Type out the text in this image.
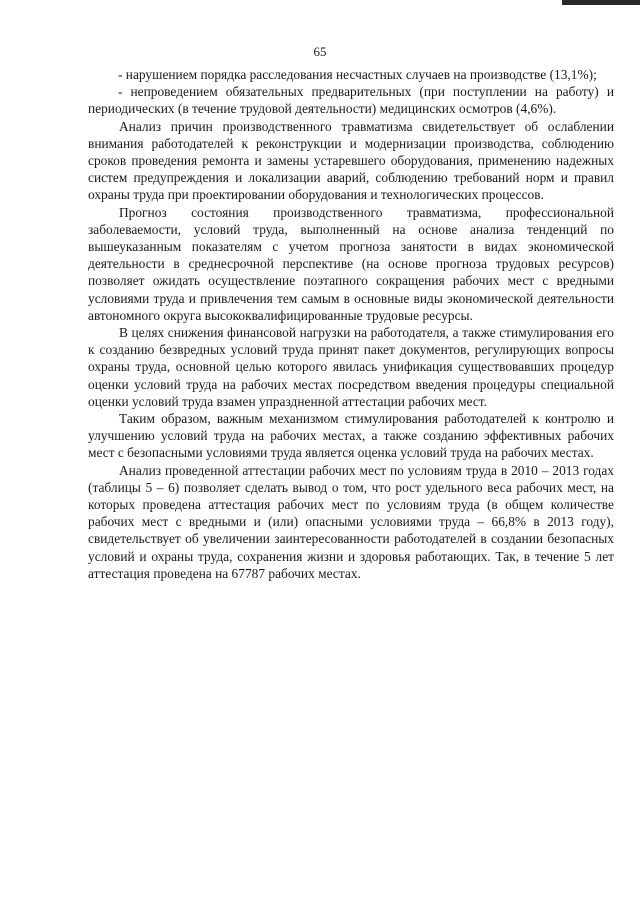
65

- нарушением порядка расследования несчастных случаев на производстве (13,1%);

- непроведением обязательных предварительных (при поступлении на работу) и периодических (в течение трудовой деятельности) медицинских осмотров (4,6%).

Анализ причин производственного травматизма свидетельствует об ослаблении внимания работодателей к реконструкции и модернизации производства, соблюдению сроков проведения ремонта и замены устаревшего оборудования, применению надежных систем предупреждения и локализации аварий, соблюдению требований норм и правил охраны труда при проектировании оборудования и технологических процессов.

Прогноз состояния производственного травматизма, профессиональной заболеваемости, условий труда, выполненный на основе анализа тенденций по вышеуказанным показателям с учетом прогноза занятости в видах экономической деятельности в среднесрочной перспективе (на основе прогноза трудовых ресурсов) позволяет ожидать осуществление поэтапного сокращения рабочих мест с вредными условиями труда и привлечения тем самым в основные виды экономической деятельности автономного округа высококвалифицированные трудовые ресурсы.

В целях снижения финансовой нагрузки на работодателя, а также стимулирования его к созданию безвредных условий труда принят пакет документов, регулирующих вопросы охраны труда, основной целью которого явилась унификация существовавших процедур оценки условий труда на рабочих местах посредством введения процедуры специальной оценки условий труда взамен упраздненной аттестации рабочих мест.

Таким образом, важным механизмом стимулирования работодателей к контролю и улучшению условий труда на рабочих местах, а также созданию эффективных рабочих мест с безопасными условиями труда является оценка условий труда на рабочих местах.

Анализ проведенной аттестации рабочих мест по условиям труда в 2010 – 2013 годах (таблицы 5 – 6) позволяет сделать вывод о том, что рост удельного веса рабочих мест, на которых проведена аттестация рабочих мест по условиям труда (в общем количестве рабочих мест с вредными и (или) опасными условиями труда – 66,8% в 2013 году), свидетельствует об увеличении заинтересованности работодателей в создании безопасных условий и охраны труда, сохранения жизни и здоровья работающих. Так, в течение 5 лет аттестация проведена на 67787 рабочих местах.
